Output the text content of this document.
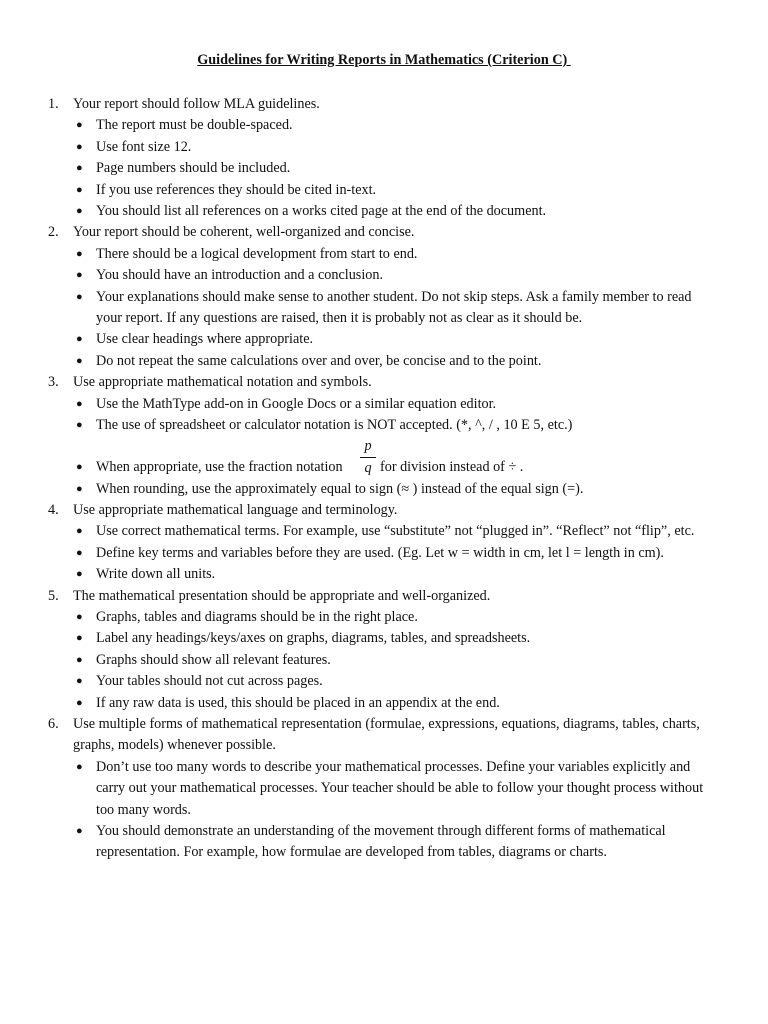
Guidelines for Writing Reports in Mathematics (Criterion C)
1.	Your report should follow MLA guidelines.
● The report must be double-spaced.
● Use font size 12.
● Page numbers should be included.
● If you use references they should be cited in-text.
● You should list all references on a works cited page at the end of the document.
2.	Your report should be coherent, well-organized and concise.
● There should be a logical development from start to end.
● You should have an introduction and a conclusion.
● Your explanations should make sense to another student. Do not skip steps. Ask a family member to read your report. If any questions are raised, then it is probably not as clear as it should be.
● Use clear headings where appropriate.
● Do not repeat the same calculations over and over, be concise and to the point.
3.	Use appropriate mathematical notation and symbols.
● Use the MathType add-on in Google Docs or a similar equation editor.
● The use of spreadsheet or calculator notation is NOT accepted. (*, ^, / , 10 E 5, etc.)
● When appropriate, use the fraction notation
p
q for division instead of ÷ .
● When rounding, use the approximately equal to sign (≈ ) instead of the equal sign (=).
4.	Use appropriate mathematical language and terminology.
● Use correct mathematical terms. For example, use “substitute” not “plugged in”. “Reflect” not “flip”, etc.
● Define key terms and variables before they are used. (Eg. Let w = width in cm, let l = length in cm).
● Write down all units.
5.	The mathematical presentation should be appropriate and well-organized.
● Graphs, tables and diagrams should be in the right place.
● Label any headings/keys/axes on graphs, diagrams, tables, and spreadsheets.
● Graphs should show all relevant features.
● Your tables should not cut across pages.
● If any raw data is used, this should be placed in an appendix at the end.
6.	Use multiple forms of mathematical representation (formulae, expressions, equations, diagrams, tables, charts, graphs, models) whenever possible.
● Don’t use too many words to describe your mathematical processes. Define your variables explicitly and carry out your mathematical processes. Your teacher should be able to follow your thought process without too many words.
● You should demonstrate an understanding of the movement through different forms of mathematical representation. For example, how formulae are developed from tables, diagrams or charts.
